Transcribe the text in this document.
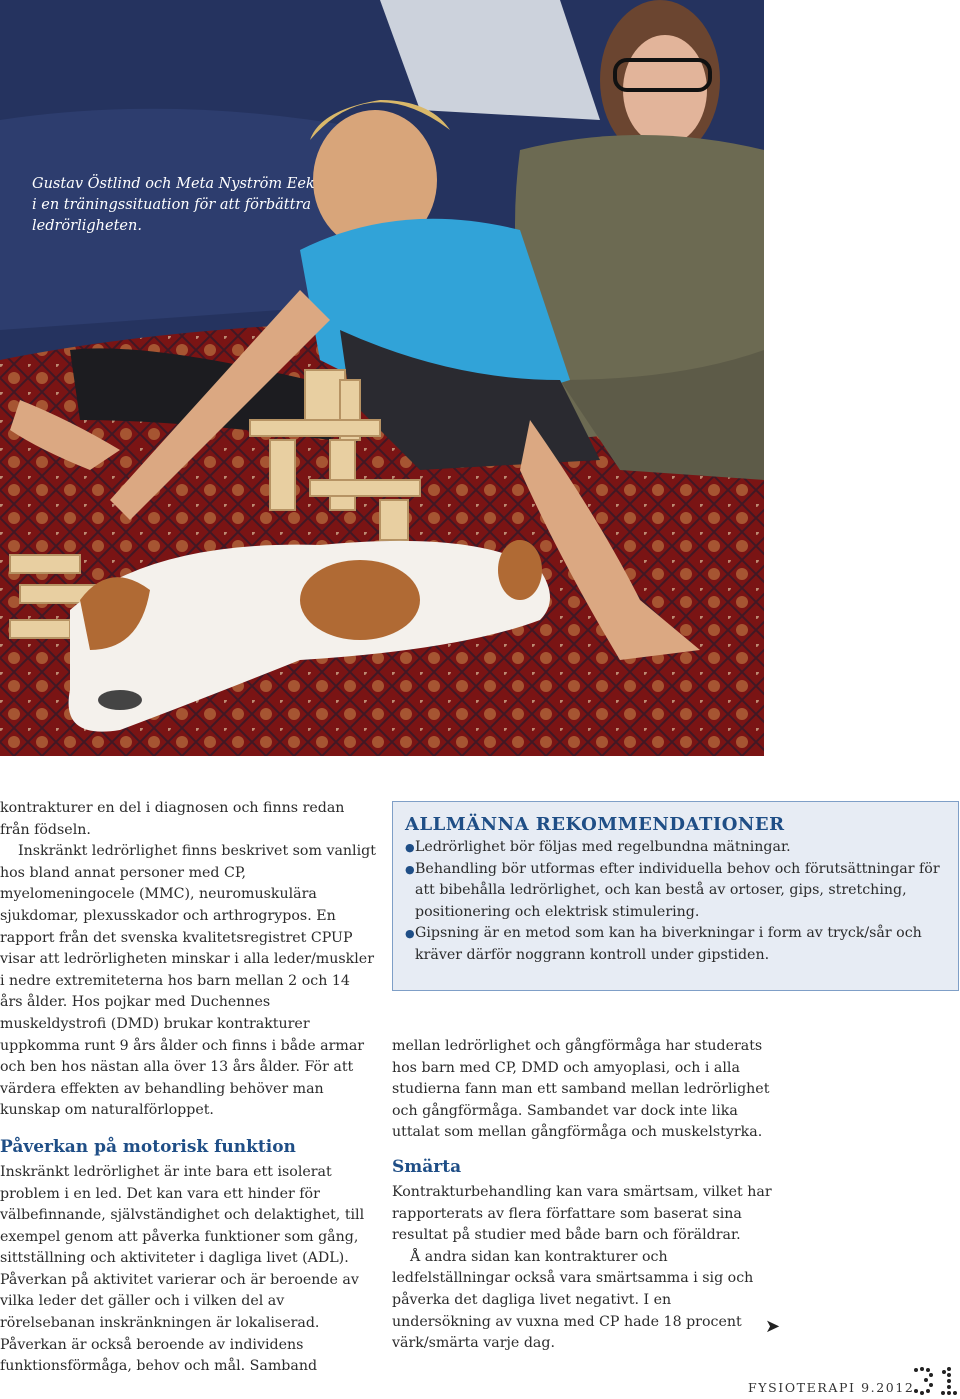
Gustav Östlind och Meta Nyström Eek i en träningssituation för att förbättra ledrörligheten.

kontrakturer en del i diagnosen och finns redan från födseln.

Inskränkt ledrörlighet finns beskrivet som vanligt hos bland annat personer med CP, myelomeningocele (MMC), neuromuskulära sjukdomar, plexusskador och arthrogrypos. En rapport från det svenska kvalitetsregistret CPUP visar att ledrörligheten minskar i alla leder/muskler i nedre extremiteterna hos barn mellan 2 och 14 års ålder. Hos pojkar med Duchennes muskeldystrofi (DMD) brukar kontrakturer uppkomma runt 9 års ålder och finns i både armar och ben hos nästan alla över 13 års ålder. För att värdera effekten av behandling behöver man kunskap om naturalförloppet.

Påverkan på motorisk funktion

Inskränkt ledrörlighet är inte bara ett isolerat problem i en led. Det kan vara ett hinder för välbefinnande, självständighet och delaktighet, till exempel genom att påverka funktioner som gång, sittställning och aktiviteter i dagliga livet (ADL). Påverkan på aktivitet varierar och är beroende av vilka leder det gäller och i vilken del av rörelsebanan inskränkningen är lokaliserad. Påverkan är också beroende av individens funktionsförmåga, behov och mål. Samband

ALLMÄNNA REKOMMENDATIONER
● Ledrörlighet bör följas med regelbundna mätningar.
● Behandling bör utformas efter individuella behov och förutsättningar för att bibehålla ledrörlighet, och kan bestå av ortoser, gips, stretching, positionering och elektrisk stimulering.
● Gipsning är en metod som kan ha biverkningar i form av tryck/sår och kräver därför noggrann kontroll under gipstiden.

mellan ledrörlighet och gångförmåga har studerats hos barn med CP, DMD och amyoplasi, och i alla studierna fann man ett samband mellan ledrörlighet och gångförmåga. Sambandet var dock inte lika uttalat som mellan gångförmåga och muskelstyrka.

Smärta

Kontrakturbehandling kan vara smärtsam, vilket har rapporterats av flera författare som baserat sina resultat på studier med både barn och föräldrar.

Å andra sidan kan kontrakturer och ledfelställningar också vara smärtsamma i sig och påverka det dagliga livet negativt. I en undersökning av vuxna med CP hade 18 procent värk/smärta varje dag.

➤
FYSIOTERAPI 9.2012
